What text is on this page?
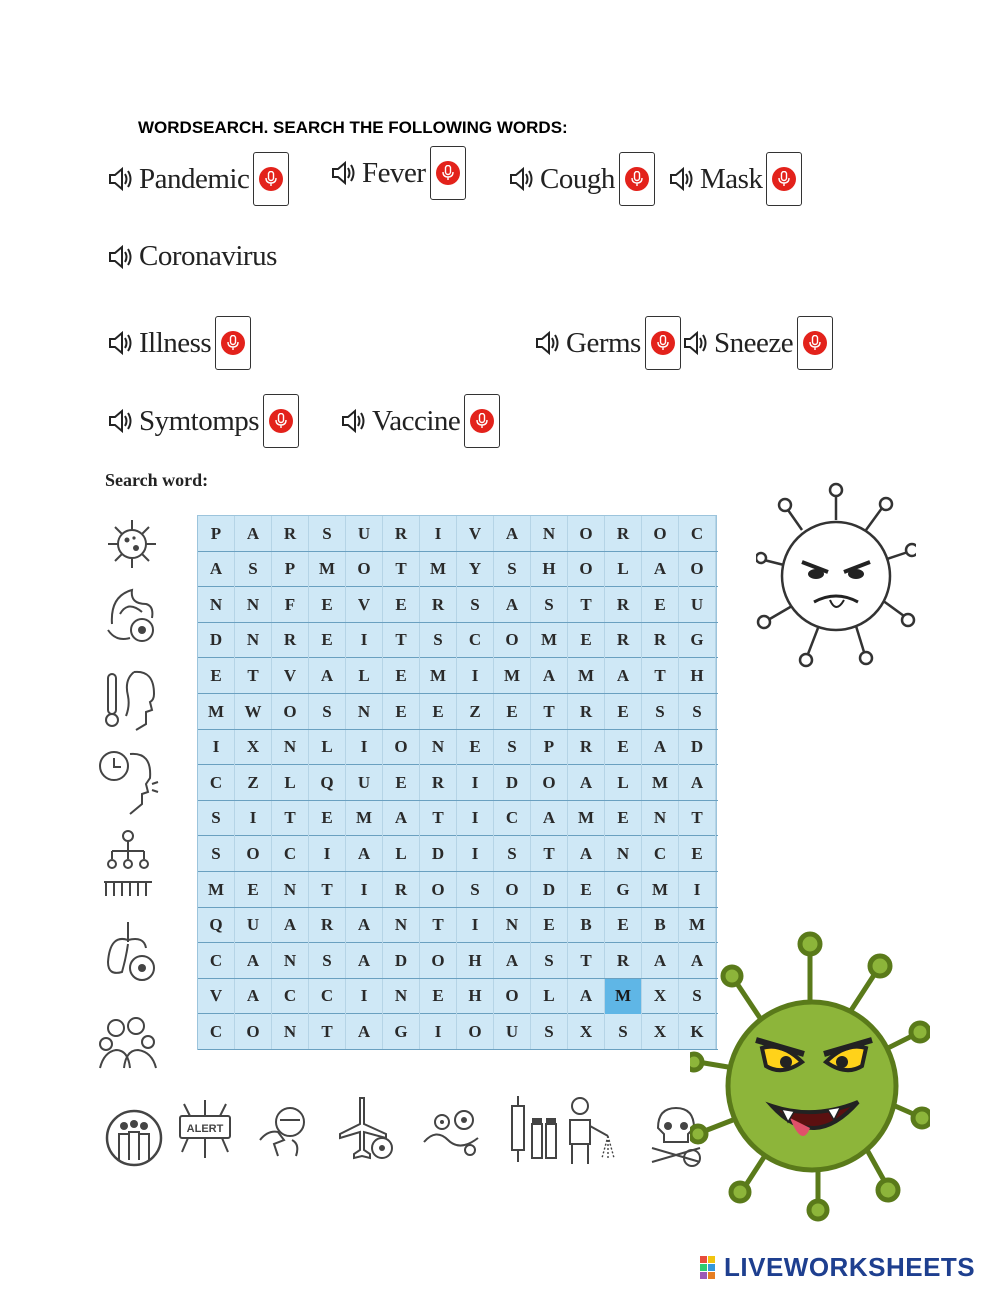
WORDSEARCH. SEARCH THE FOLLOWING WORDS:
Pandemic	Fever	Cough	Mask
Coronavirus
Illness	Germs	Sneeze
Symtomps	Vaccine
Search word:
P	A	R	S	U	R	I	V	A	N	O	R	O	C
A	S	P	M	O	T	M	Y	S	H	O	L	A	O
N	N	F	E	V	E	R	S	A	S	T	R	E	U
D	N	R	E	I	T	S	C	O	M	E	R	R	G
E	T	V	A	L	E	M	I	M	A	M	A	T	H
M	W	O	S	N	E	E	Z	E	T	R	E	S	S
I	X	N	L	I	O	N	E	S	P	R	E	A	D
C	Z	L	Q	U	E	R	I	D	O	A	L	M	A
S	I	T	E	M	A	T	I	C	A	M	E	N	T
S	O	C	I	A	L	D	I	S	T	A	N	C	E
M	E	N	T	I	R	O	S	O	D	E	G	M	I
Q	U	A	R	A	N	T	I	N	E	B	E	B	M
C	A	N	S	A	D	O	H	A	S	T	R	A	A
V	A	C	C	I	N	E	H	O	L	A	M	X	S
C	O	N	T	A	G	I	O	U	S	X	S	X	K
ALERT
LIVEWORKSHEETS
